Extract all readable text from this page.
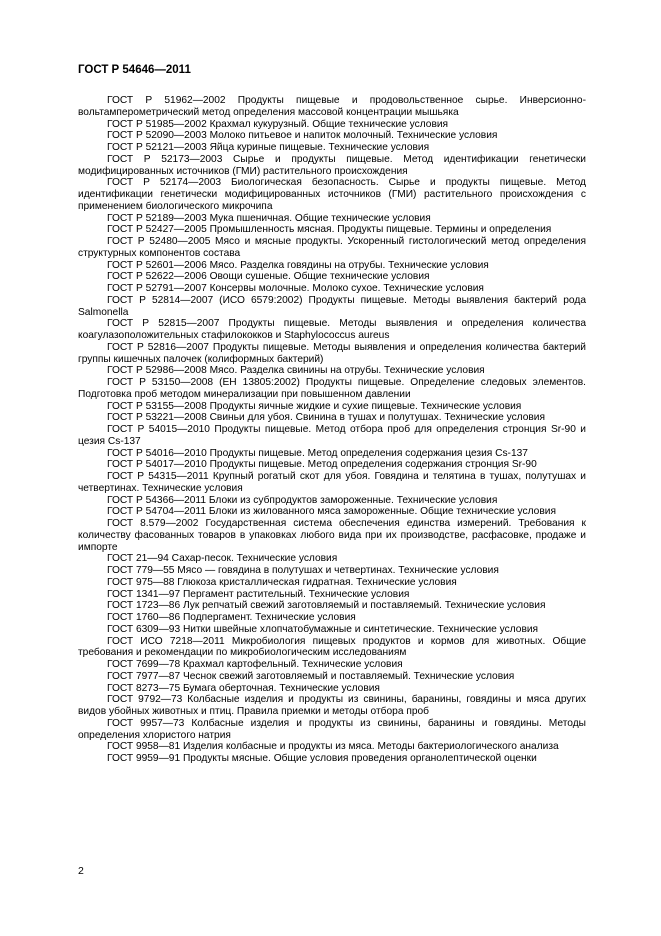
ГОСТ Р 54646—2011
ГОСТ Р 51962—2002 Продукты пищевые и продовольственное сырье. Инверсионно-вольтамперометрический метод определения массовой концентрации мышьяка
ГОСТ Р 51985—2002 Крахмал кукурузный. Общие технические условия
ГОСТ Р 52090—2003 Молоко питьевое и напиток молочный. Технические условия
ГОСТ Р 52121—2003 Яйца куриные пищевые. Технические условия
ГОСТ Р 52173—2003 Сырье и продукты пищевые. Метод идентификации генетически модифицированных источников (ГМИ) растительного происхождения
ГОСТ Р 52174—2003 Биологическая безопасность. Сырье и продукты пищевые. Метод идентификации генетически модифицированных источников (ГМИ) растительного происхождения с применением биологического микрочипа
ГОСТ Р 52189—2003 Мука пшеничная. Общие технические условия
ГОСТ Р 52427—2005 Промышленность мясная. Продукты пищевые. Термины и определения
ГОСТ Р 52480—2005 Мясо и мясные продукты. Ускоренный гистологический метод определения структурных компонентов состава
ГОСТ Р 52601—2006 Мясо. Разделка говядины на отрубы. Технические условия
ГОСТ Р 52622—2006 Овощи сушеные. Общие технические условия
ГОСТ Р 52791—2007 Консервы молочные. Молоко сухое. Технические условия
ГОСТ Р 52814—2007 (ИСО 6579:2002) Продукты пищевые. Методы выявления бактерий рода Salmonella
ГОСТ Р 52815—2007 Продукты пищевые. Методы выявления и определения количества коагулазоположительных стафилококков и Staphylococcus aureus
ГОСТ Р 52816—2007 Продукты пищевые. Методы выявления и определения количества бактерий группы кишечных палочек (колиформных бактерий)
ГОСТ Р 52986—2008 Мясо. Разделка свинины на отрубы. Технические условия
ГОСТ Р 53150—2008 (ЕН 13805:2002) Продукты пищевые. Определение следовых элементов. Подготовка проб методом минерализации при повышенном давлении
ГОСТ Р 53155—2008 Продукты яичные жидкие и сухие пищевые. Технические условия
ГОСТ Р 53221—2008 Свиньи для убоя. Свинина в тушах и полутушах. Технические условия
ГОСТ Р 54015—2010 Продукты пищевые. Метод отбора проб для определения стронция Sr-90 и цезия Cs-137
ГОСТ Р 54016—2010 Продукты пищевые. Метод определения содержания цезия Cs-137
ГОСТ Р 54017—2010 Продукты пищевые. Метод определения содержания стронция Sr-90
ГОСТ Р 54315—2011 Крупный рогатый скот для убоя. Говядина и телятина в тушах, полутушах и четвертинах. Технические условия
ГОСТ Р 54366—2011 Блоки из субпродуктов замороженные. Технические условия
ГОСТ Р 54704—2011 Блоки из жилованного мяса замороженные. Общие технические условия
ГОСТ 8.579—2002 Государственная система обеспечения единства измерений. Требования к количеству фасованных товаров в упаковках любого вида при их производстве, расфасовке, продаже и импорте
ГОСТ 21—94 Сахар-песок. Технические условия
ГОСТ 779—55 Мясо — говядина в полутушах и четвертинах. Технические условия
ГОСТ 975—88 Глюкоза кристаллическая гидратная. Технические условия
ГОСТ 1341—97 Пергамент растительный. Технические условия
ГОСТ 1723—86 Лук репчатый свежий заготовляемый и поставляемый. Технические условия
ГОСТ 1760—86 Подпергамент. Технические условия
ГОСТ 6309—93 Нитки швейные хлопчатобумажные и синтетические. Технические условия
ГОСТ ИСО 7218—2011 Микробиология пищевых продуктов и кормов для животных. Общие требования и рекомендации по микробиологическим исследованиям
ГОСТ 7699—78 Крахмал картофельный. Технические условия
ГОСТ 7977—87 Чеснок свежий заготовляемый и поставляемый. Технические условия
ГОСТ 8273—75 Бумага оберточная. Технические условия
ГОСТ 9792—73 Колбасные изделия и продукты из свинины, баранины, говядины и мяса других видов убойных животных и птиц. Правила приемки и методы отбора проб
ГОСТ 9957—73 Колбасные изделия и продукты из свинины, баранины и говядины. Методы определения хлористого натрия
ГОСТ 9958—81 Изделия колбасные и продукты из мяса. Методы бактериологического анализа
ГОСТ 9959—91 Продукты мясные. Общие условия проведения органолептической оценки
2
